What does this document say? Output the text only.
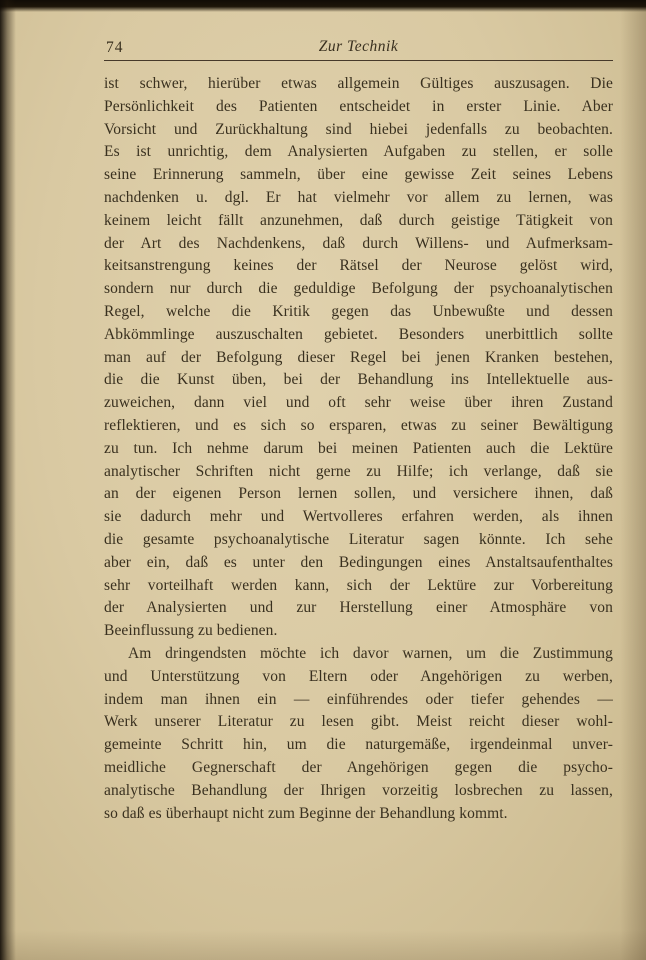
74	Zur Technik
ist schwer, hierüber etwas allgemein Gültiges auszusagen. Die
Persönlichkeit des Patienten entscheidet in erster Linie. Aber
Vorsicht und Zurückhaltung sind hiebei jedenfalls zu beobachten.
Es ist unrichtig, dem Analysierten Aufgaben zu stellen, er solle
seine Erinnerung sammeln, über eine gewisse Zeit seines Lebens
nachdenken u. dgl. Er hat vielmehr vor allem zu lernen, was
keinem leicht fällt anzunehmen, daß durch geistige Tätigkeit von
der Art des Nachdenkens, daß durch Willens- und Aufmerksam-
keitsanstrengung keines der Rätsel der Neurose gelöst wird,
sondern nur durch die geduldige Befolgung der psychoanalytischen
Regel, welche die Kritik gegen das Unbewußte und dessen
Abkömmlinge auszuschalten gebietet. Besonders unerbittlich sollte
man auf der Befolgung dieser Regel bei jenen Kranken bestehen,
die die Kunst üben, bei der Behandlung ins Intellektuelle aus-
zuweichen, dann viel und oft sehr weise über ihren Zustand
reflektieren, und es sich so ersparen, etwas zu seiner Bewältigung
zu tun. Ich nehme darum bei meinen Patienten auch die Lektüre
analytischer Schriften nicht gerne zu Hilfe; ich verlange, daß sie
an der eigenen Person lernen sollen, und versichere ihnen, daß
sie dadurch mehr und Wertvolleres erfahren werden, als ihnen
die gesamte psychoanalytische Literatur sagen könnte. Ich sehe
aber ein, daß es unter den Bedingungen eines Anstaltsaufenthaltes
sehr vorteilhaft werden kann, sich der Lektüre zur Vorbereitung
der Analysierten und zur Herstellung einer Atmosphäre von
Beeinflussung zu bedienen.
Am dringendsten möchte ich davor warnen, um die Zustimmung
und Unterstützung von Eltern oder Angehörigen zu werben,
indem man ihnen ein — einführendes oder tiefer gehendes —
Werk unserer Literatur zu lesen gibt. Meist reicht dieser wohl-
gemeinte Schritt hin, um die naturgemäße, irgendeinmal unver-
meidliche Gegnerschaft der Angehörigen gegen die psycho-
analytische Behandlung der Ihrigen vorzeitig losbrechen zu lassen,
so daß es überhaupt nicht zum Beginne der Behandlung kommt.
